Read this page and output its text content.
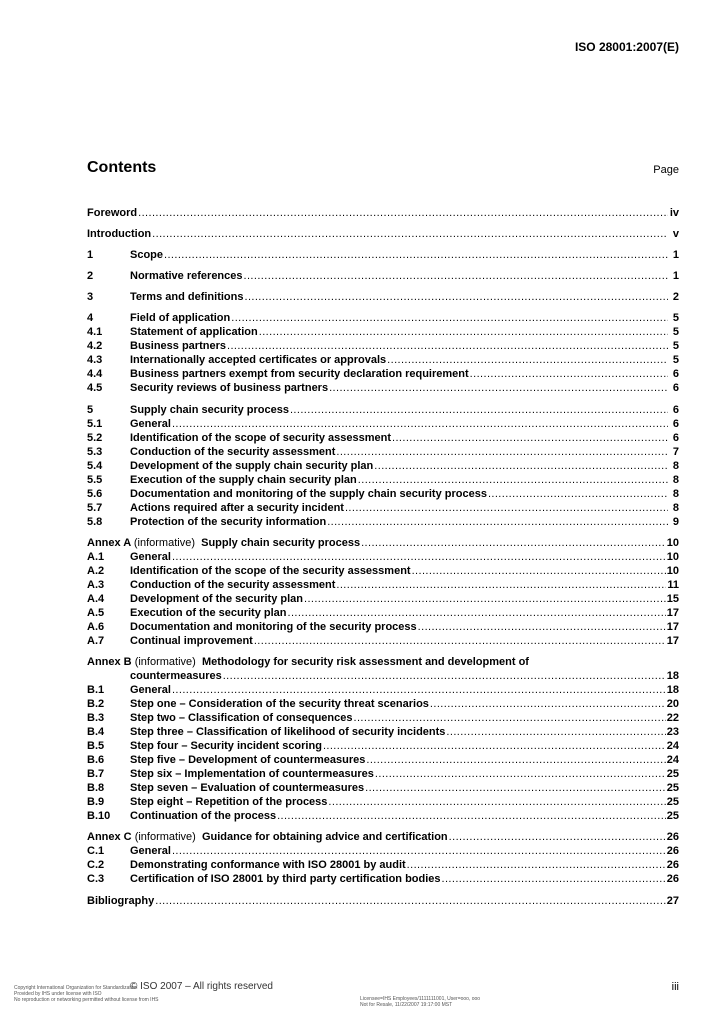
ISO 28001:2007(E)
Contents	Page
Foreword .....	iv
Introduction .....	v
1	Scope .....	1
2	Normative references .....	1
3	Terms and definitions .....	2
4	Field of application .....	5
4.1	Statement of application .....	5
4.2	Business partners .....	5
4.3	Internationally accepted certificates or approvals .....	5
4.4	Business partners exempt from security declaration requirement .....	6
4.5	Security reviews of business partners .....	6
5	Supply chain security process .....	6
5.1	General .....	6
5.2	Identification of the scope of security assessment .....	6
5.3	Conduction of the security assessment .....	7
5.4	Development of the supply chain security plan .....	8
5.5	Execution of the supply chain security plan .....	8
5.6	Documentation and monitoring of the supply chain security process .....	8
5.7	Actions required after a security incident .....	8
5.8	Protection of the security information .....	9
Annex A (informative) Supply chain security process .....	10
A.1	General .....	10
A.2	Identification of the scope of the security assessment .....	10
A.3	Conduction of the security assessment .....	11
A.4	Development of the security plan .....	15
A.5	Execution of the security plan .....	17
A.6	Documentation and monitoring of the security process .....	17
A.7	Continual improvement .....	17
Annex B (informative) Methodology for security risk assessment and development of
countermeasures .....	18
B.1	General .....	18
B.2	Step one – Consideration of the security threat scenarios .....	20
B.3	Step two – Classification of consequences .....	22
B.4	Step three – Classification of likelihood of security incidents .....	23
B.5	Step four – Security incident scoring .....	24
B.6	Step five – Development of countermeasures .....	24
B.7	Step six – Implementation of countermeasures .....	25
B.8	Step seven – Evaluation of countermeasures .....	25
B.9	Step eight – Repetition of the process .....	25
B.10	Continuation of the process .....	25
Annex C (informative) Guidance for obtaining advice and certification .....	26
C.1	General .....	26
C.2	Demonstrating conformance with ISO 28001 by audit .....	26
C.3	Certification of ISO 28001 by third party certification bodies .....	26
Bibliography .....	27
© ISO 2007 – All rights reserved	iii
Copyright International Organization for Standardization
Provided by IHS under license with ISO
No reproduction or networking permitted without license from IHS	Licensee=IHS Employees/1111111001, User=ooo, ooo
Not for Resale, 11/22/2007 19:17:00 MST
